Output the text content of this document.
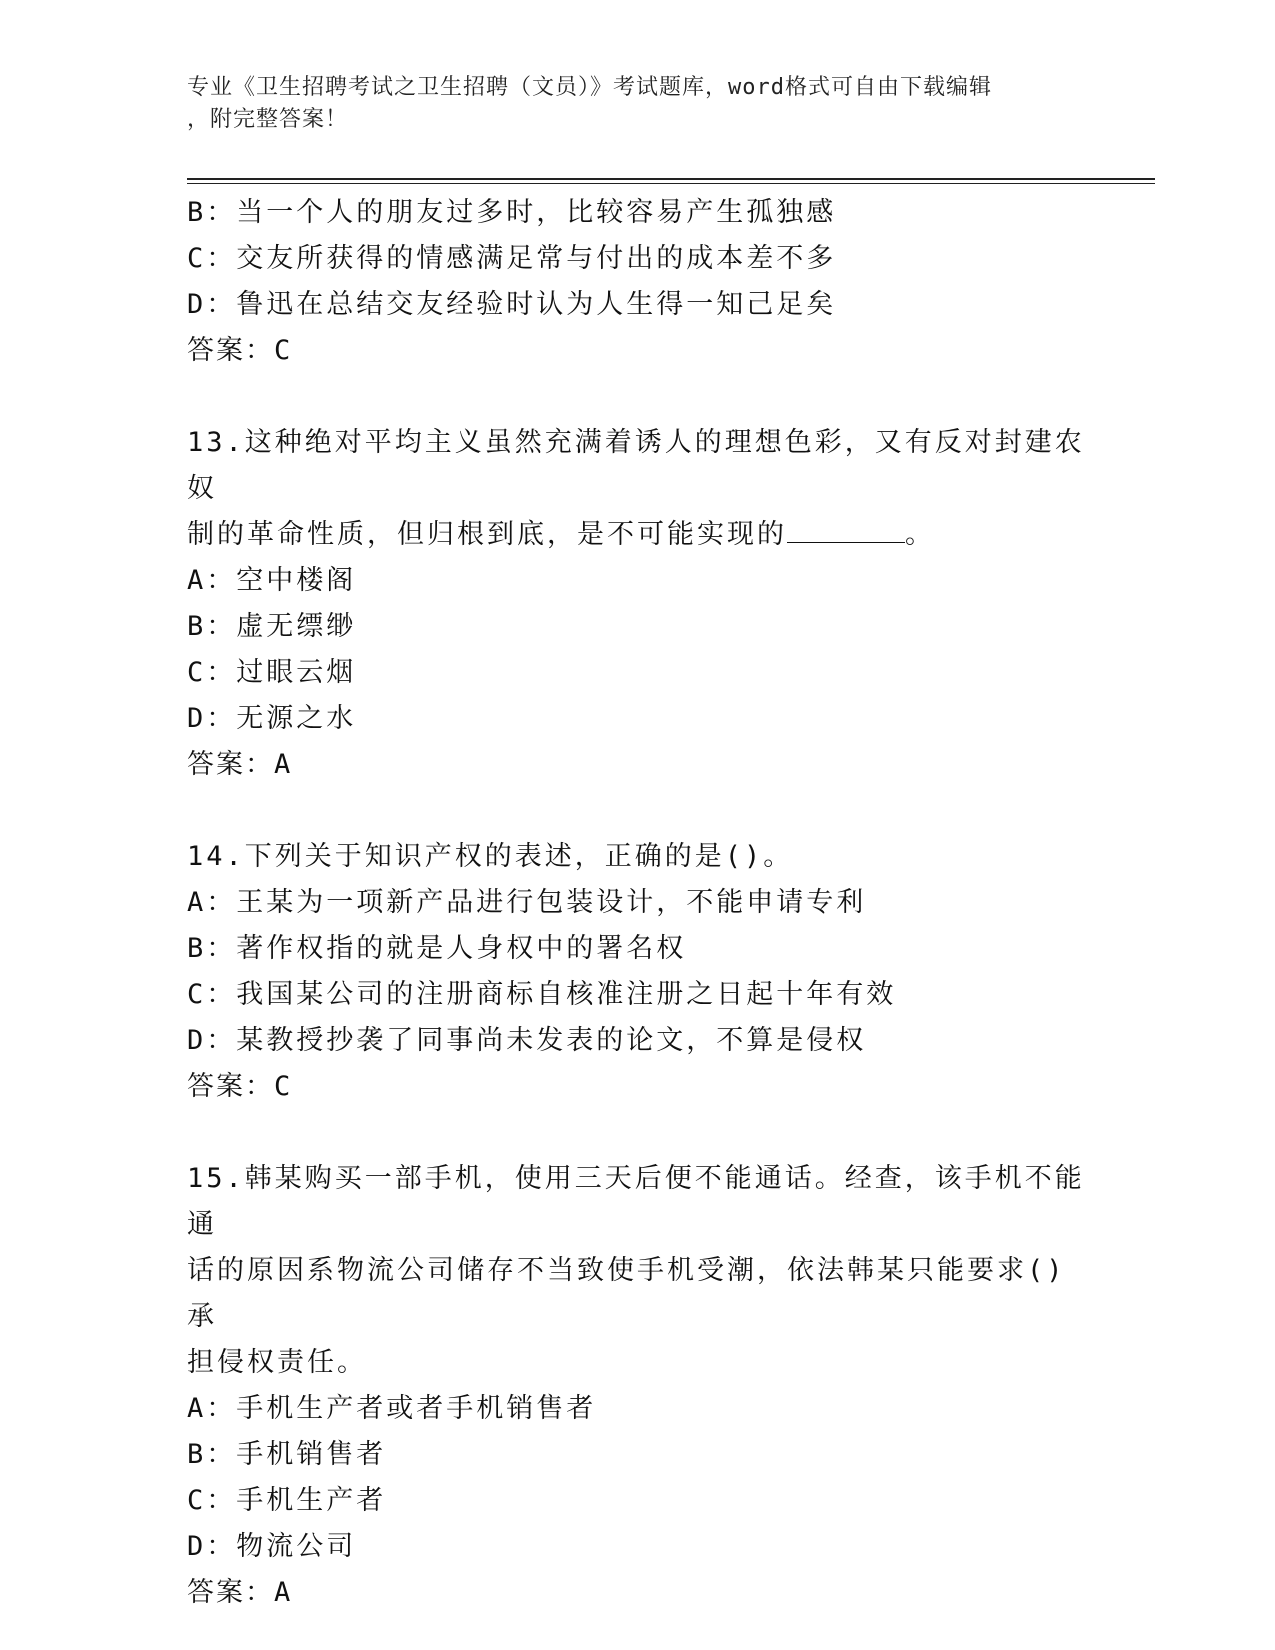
专业《卫生招聘考试之卫生招聘（文员）》考试题库，word格式可自由下载编辑
，附完整答案！
B：当一个人的朋友过多时，比较容易产生孤独感
C：交友所获得的情感满足常与付出的成本差不多
D：鲁迅在总结交友经验时认为人生得一知己足矣
答案：C
13.这种绝对平均主义虽然充满着诱人的理想色彩，又有反对封建农奴
制的革命性质，但归根到底，是不可能实现的	。
A：空中楼阁
B：虚无缥缈
C：过眼云烟
D：无源之水
答案：A
14.下列关于知识产权的表述，正确的是()。
A：王某为一项新产品进行包装设计，不能申请专利
B：著作权指的就是人身权中的署名权
C：我国某公司的注册商标自核准注册之日起十年有效
D：某教授抄袭了同事尚未发表的论文，不算是侵权
答案：C
15.韩某购买一部手机，使用三天后便不能通话。经查，该手机不能通
话的原因系物流公司储存不当致使手机受潮，依法韩某只能要求()承
担侵权责任。
A：手机生产者或者手机销售者
B：手机销售者
C：手机生产者
D：物流公司
答案：A
